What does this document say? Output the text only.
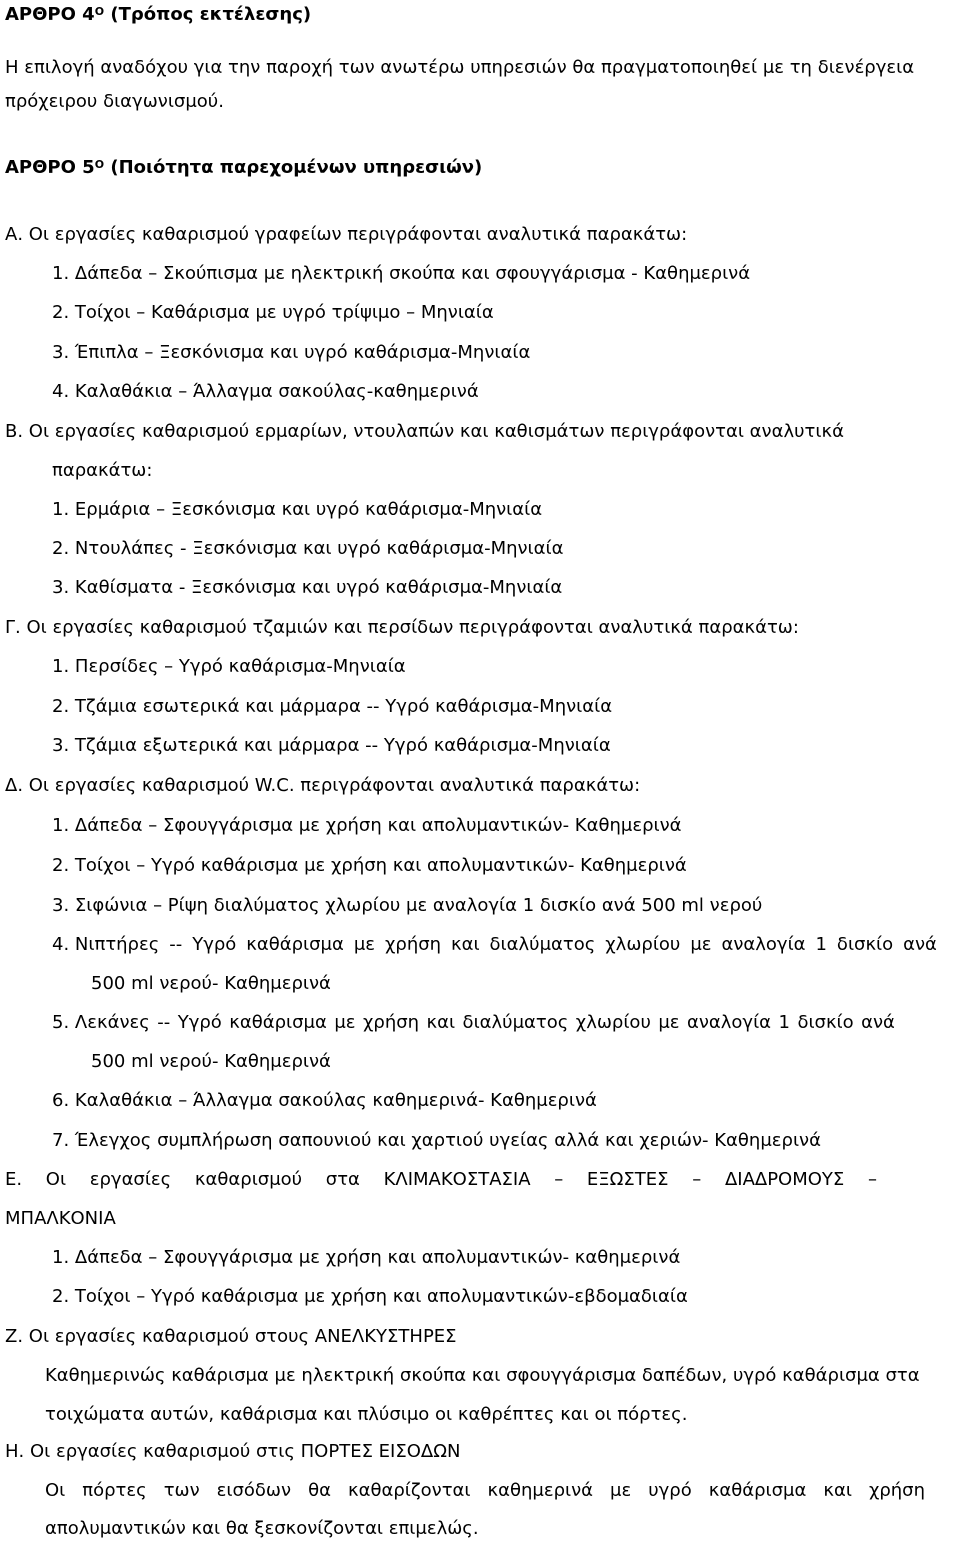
ΑΡΘΡΟ $4^O$ (Τρόπος εκτέλεσης)
Η επιλογή αναδόχου για την παροχή των ανωτέρω υπηρεσιών θα πραγματοποιηθεί με τη διενέργεια
πρόχειρου διαγωνισμού.
ΑΡΘΡΟ $5^O$ (Ποιότητα παρεχομένων υπηρεσιών)
Α. Οι εργασίες καθαρισμού γραφείων περιγράφονται αναλυτικά παρακάτω:
1. Δάπεδα – Σκούπισμα με ηλεκτρική σκούπα και σφουγγάρισμα - Καθημερινά
2. Τοίχοι – Καθάρισμα με υγρό τρίψιμο – Μηνιαία
3. Έπιπλα – Ξεσκόνισμα και υγρό καθάρισμα-Μηνιαία
4. Καλαθάκια – Άλλαγμα σακούλας-καθημερινά
Β. Οι εργασίες καθαρισμού ερμαρίων, ντουλαπών και καθισμάτων περιγράφονται αναλυτικά
παρακάτω:
1. Ερμάρια – Ξεσκόνισμα και υγρό καθάρισμα-Μηνιαία
2. Ντουλάπες - Ξεσκόνισμα και υγρό καθάρισμα-Μηνιαία
3. Καθίσματα - Ξεσκόνισμα και υγρό καθάρισμα-Μηνιαία
Γ. Οι εργασίες καθαρισμού τζαμιών και περσίδων περιγράφονται αναλυτικά παρακάτω:
1. Περσίδες – Υγρό καθάρισμα-Μηνιαία
2. Τζάμια εσωτερικά και μάρμαρα -- Υγρό καθάρισμα-Μηνιαία
3. Τζάμια εξωτερικά και μάρμαρα -- Υγρό καθάρισμα-Μηνιαία
Δ. Οι εργασίες καθαρισμού W.C. περιγράφονται αναλυτικά παρακάτω:
1. Δάπεδα – Σφουγγάρισμα με χρήση και απολυμαντικών- Καθημερινά
2. Τοίχοι – Υγρό καθάρισμα με χρήση και απολυμαντικών- Καθημερινά
3. Σιφώνια – Ρίψη διαλύματος χλωρίου με αναλογία 1 δισκίο ανά 500 ml νερού
4. Νιπτήρες -- Υγρό καθάρισμα με χρήση και διαλύματος χλωρίου με αναλογία 1 δισκίο ανά
500 ml νερού- Καθημερινά
5. Λεκάνες -- Υγρό καθάρισμα με χρήση και διαλύματος χλωρίου με αναλογία 1 δισκίο ανά
500 ml νερού- Καθημερινά
6. Καλαθάκια – Άλλαγμα σακούλας καθημερινά- Καθημερινά
7. Έλεγχος συμπλήρωση σαπουνιού και χαρτιού υγείας αλλά και χεριών- Καθημερινά
Ε. Οι εργασίες καθαρισμού στα ΚΛΙΜΑΚΟΣΤΑΣΙΑ – ΕΞΩΣΤΕΣ – ΔΙΑΔΡΟΜΟΥΣ –
ΜΠΑΛΚΟΝΙΑ
1. Δάπεδα – Σφουγγάρισμα με χρήση και απολυμαντικών- καθημερινά
2. Τοίχοι – Υγρό καθάρισμα με χρήση και απολυμαντικών-εβδομαδιαία
Ζ. Οι εργασίες καθαρισμού στους ΑΝΕΛΚΥΣΤΗΡΕΣ
Καθημερινώς καθάρισμα με ηλεκτρική σκούπα και σφουγγάρισμα δαπέδων, υγρό καθάρισμα στα
τοιχώματα αυτών, καθάρισμα και πλύσιμο οι καθρέπτες και οι πόρτες.
Η. Οι εργασίες καθαρισμού στις ΠΟΡΤΕΣ ΕΙΣΟΔΩΝ
Οι πόρτες των εισόδων θα καθαρίζονται καθημερινά με υγρό καθάρισμα και χρήση
απολυμαντικών και θα ξεσκονίζονται επιμελώς.
